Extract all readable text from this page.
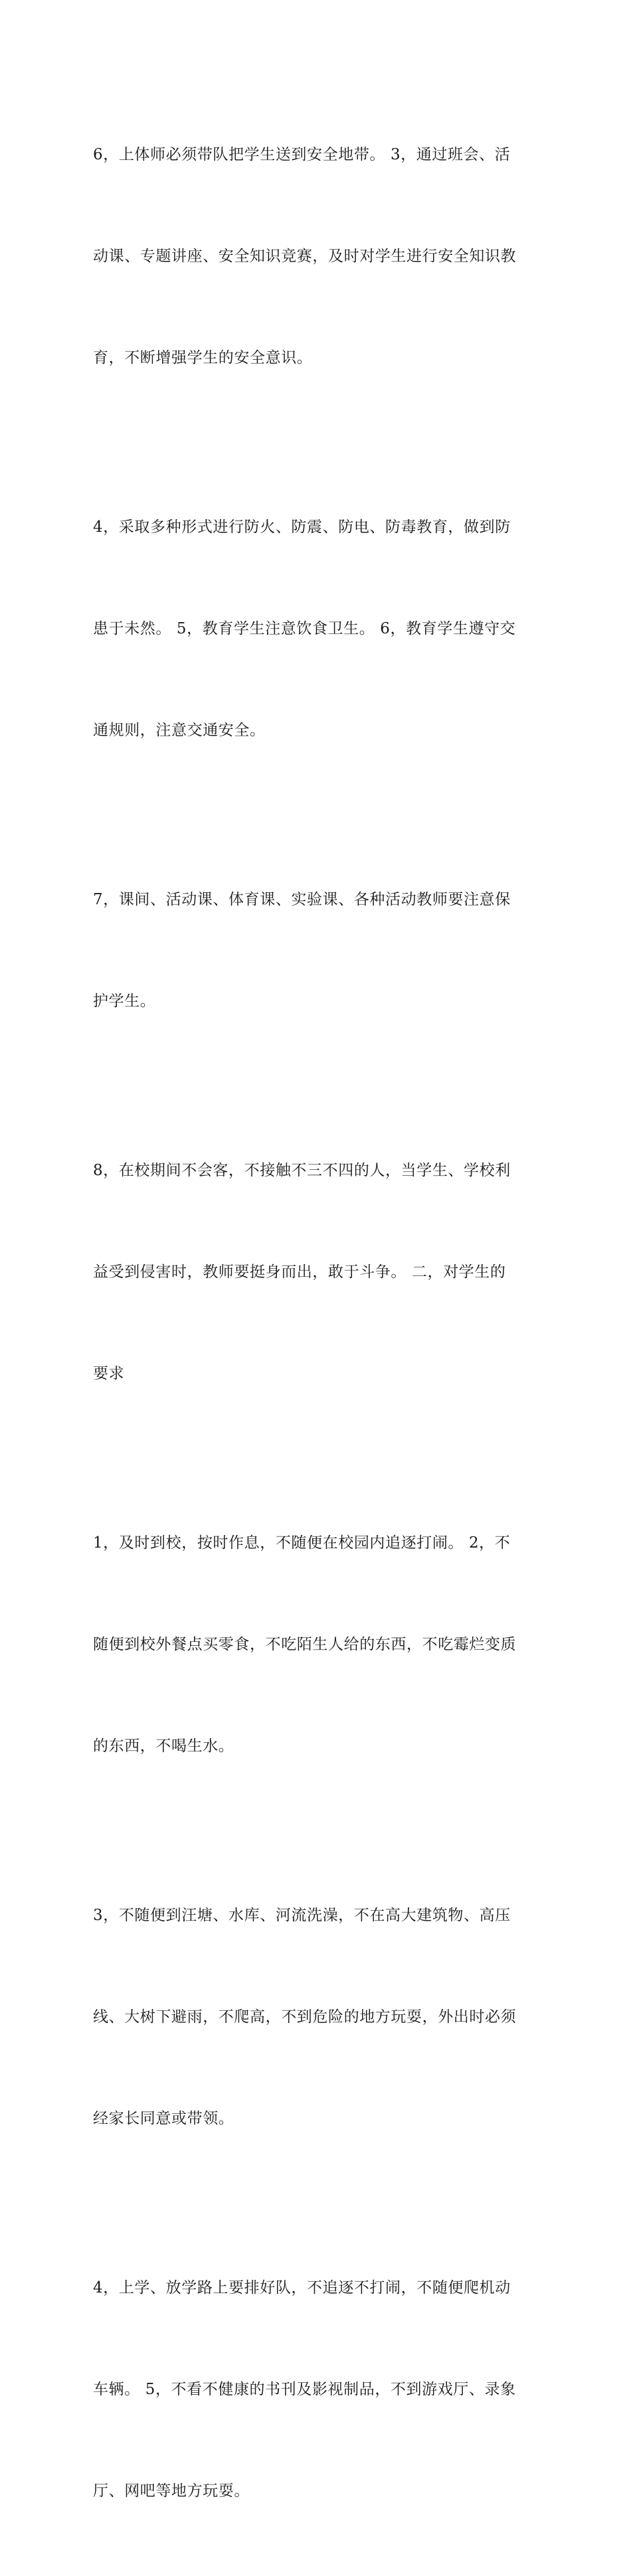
6，上体师必须带队把学生送到安全地带。 3，通过班会、活

动课、专题讲座、安全知识竞赛，及时对学生进行安全知识教

育，不断增强学生的安全意识。

4，采取多种形式进行防火、防震、防电、防毒教育，做到防

患于未然。 5，教育学生注意饮食卫生。 6，教育学生遵守交

通规则，注意交通安全。

7，课间、活动课、体育课、实验课、各种活动教师要注意保

护学生。

8，在校期间不会客，不接触不三不四的人，当学生、学校利

益受到侵害时，教师要挺身而出，敢于斗争。 二，对学生的

要求

1，及时到校，按时作息，不随便在校园内追逐打闹。 2，不

随便到校外餐点买零食，不吃陌生人给的东西，不吃霉烂变质

的东西，不喝生水。

3，不随便到汪塘、水库、河流洗澡，不在高大建筑物、高压

线、大树下避雨，不爬高，不到危险的地方玩耍，外出时必须

经家长同意或带领。

4，上学、放学路上要排好队，不追逐不打闹，不随便爬机动

车辆。 5，不看不健康的书刊及影视制品，不到游戏厅、录象

厅、网吧等地方玩耍。
